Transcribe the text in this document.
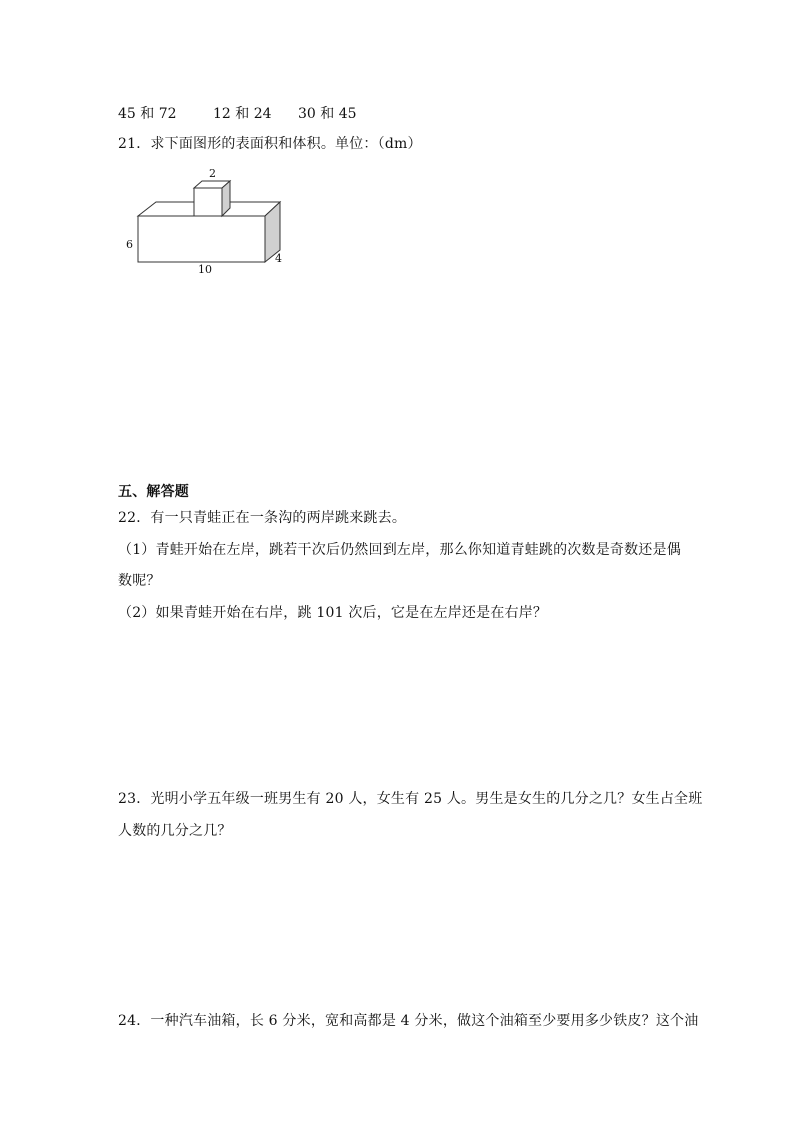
45 和 72	12 和 24 30 和 45
21．求下面图形的表面积和体积。单位：（dm）
2
6
10
4
五、解答题
22．有一只青蛙正在一条沟的两岸跳来跳去。
（1）青蛙开始在左岸，跳若干次后仍然回到左岸，那么你知道青蛙跳的次数是奇数还是偶
数呢？
（2）如果青蛙开始在右岸，跳 101 次后，它是在左岸还是在右岸？
23．光明小学五年级一班男生有 20 人，女生有 25 人。男生是女生的几分之几？女生占全班
人数的几分之几？
24．一种汽车油箱，长 6 分米，宽和高都是 4 分米，做这个油箱至少要用多少铁皮？这个油
